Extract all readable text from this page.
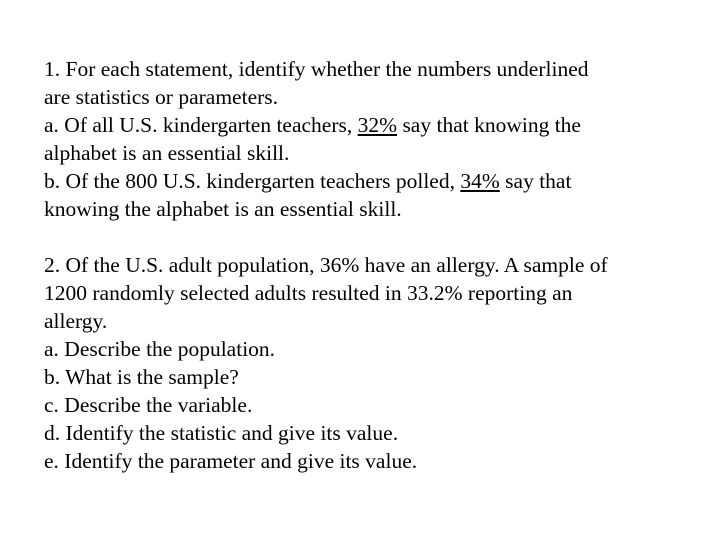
1. For each statement, identify whether the numbers underlined
are statistics or parameters.
a. Of all U.S. kindergarten teachers, 32% say that knowing the
alphabet is an essential skill.
b. Of the 800 U.S. kindergarten teachers polled, 34% say that
knowing the alphabet is an essential skill.
2. Of the U.S. adult population, 36% have an allergy. A sample of
1200 randomly selected adults resulted in 33.2% reporting an
allergy.
a. Describe the population.
b. What is the sample?
c. Describe the variable.
d. Identify the statistic and give its value.
e. Identify the parameter and give its value.
